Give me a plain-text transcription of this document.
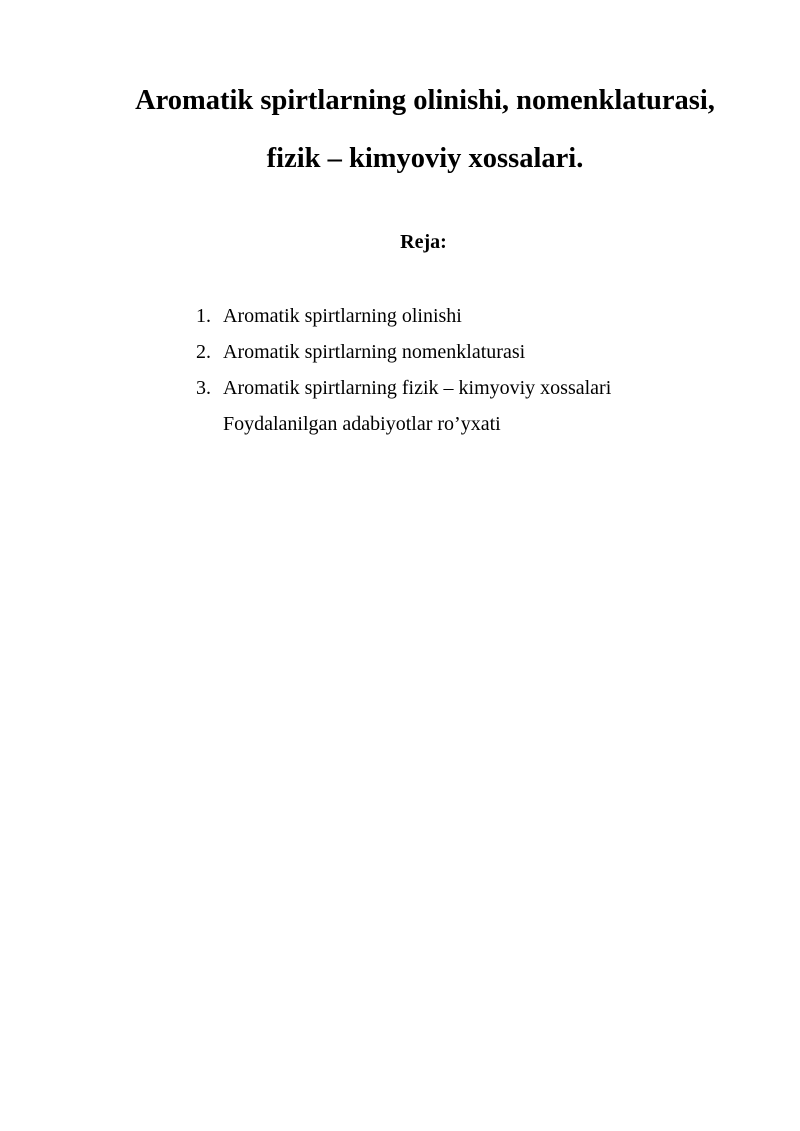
Aromatik spirtlarning olinishi, nomenklaturasi,
fizik – kimyoviy xossalari.
Reja:
1. Aromatik spirtlarning olinishi
2. Aromatik spirtlarning nomenklaturasi
3. Aromatik spirtlarning fizik – kimyoviy xossalari
Foydalanilgan adabiyotlar ro’yxati
